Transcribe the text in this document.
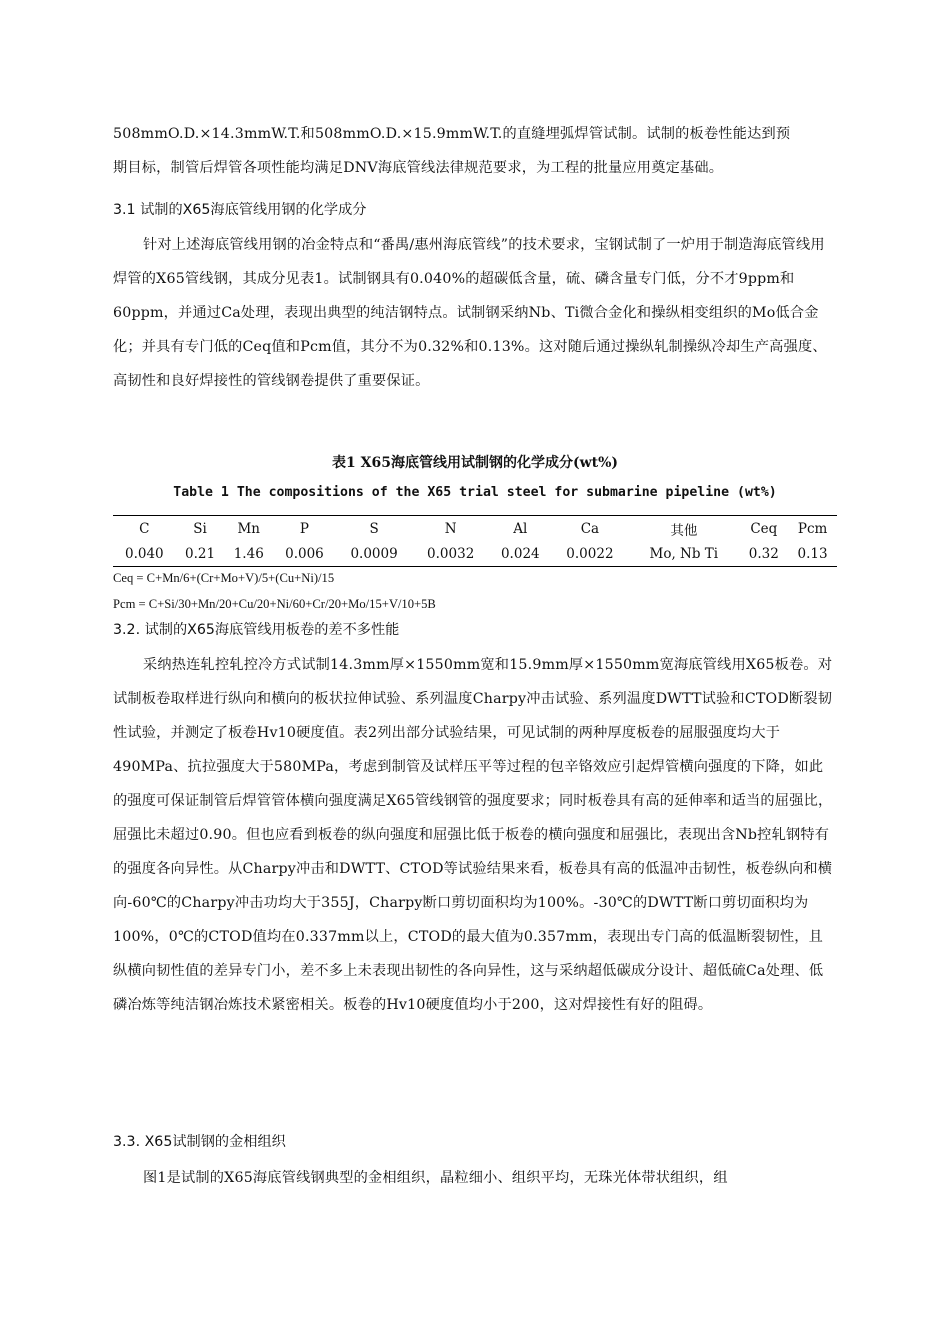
508mmO.D.×14.3mmW.T.和508mmO.D.×15.9mmW.T.的直缝埋弧焊管试制。试制的板卷性能达到预

期目标，制管后焊管各项性能均满足DNV海底管线法律规范要求，为工程的批量应用奠定基础。

3.1 试制的X65海底管线用钢的化学成分

针对上述海底管线用钢的冶金特点和“番禺/惠州海底管线”的技术要求，宝钢试制了一炉用于制造海底管线用焊管的X65管线钢，其成分见表1。试制钢具有0.040%的超碳低含量，硫、磷含量专门低，分不才9ppm和60ppm，并通过Ca处理，表现出典型的纯洁钢特点。试制钢采纳Nb、Ti微合金化和操纵相变组织的Mo低合金化；并具有专门低的Ceq值和Pcm值，其分不为0.32%和0.13%。这对随后通过操纵轧制操纵冷却生产高强度、高韧性和良好焊接性的管线钢卷提供了重要保证。

表1 X65海底管线用试制钢的化学成分(wt%)
Table 1 The compositions of the X65 trial steel for submarine pipeline (wt%)
C	Si	Mn	P	S	N	Al	Ca	其他	Ceq	Pcm
0.040	0.21	1.46	0.006	0.0009	0.0032	0.024	0.0022	Mo, Nb Ti	0.32	0.13
Ceq = C+Mn/6+(Cr+Mo+V)/5+(Cu+Ni)/15
Pcm = C+Si/30+Mn/20+Cu/20+Ni/60+Cr/20+Mo/15+V/10+5B
3.2. 试制的X65海底管线用板卷的差不多性能

采纳热连轧控轧控冷方式试制14.3mm厚×1550mm宽和15.9mm厚×1550mm宽海底管线用X65板卷。对试制板卷取样进行纵向和横向的板状拉伸试验、系列温度Charpy冲击试验、系列温度DWTT试验和CTOD断裂韧性试验，并测定了板卷Hv10硬度值。表2列出部分试验结果，可见试制的两种厚度板卷的屈服强度均大于490MPa、抗拉强度大于580MPa，考虑到制管及试样压平等过程的包辛铬效应引起焊管横向强度的下降，如此的强度可保证制管后焊管管体横向强度满足X65管线钢管的强度要求；同时板卷具有高的延伸率和适当的屈强比，屈强比未超过0.90。但也应看到板卷的纵向强度和屈强比低于板卷的横向强度和屈强比，表现出含Nb控轧钢特有的强度各向异性。从Charpy冲击和DWTT、CTOD等试验结果来看，板卷具有高的低温冲击韧性，板卷纵向和横向-60℃的Charpy冲击功均大于355J，Charpy断口剪切面积均为100%。-30℃的DWTT断口剪切面积均为100%，0℃的CTOD值均在0.337mm以上，CTOD的最大值为0.357mm，表现出专门高的低温断裂韧性，且纵横向韧性值的差异专门小，差不多上未表现出韧性的各向异性，这与采纳超低碳成分设计、超低硫Ca处理、低磷冶炼等纯洁钢冶炼技术紧密相关。板卷的Hv10硬度值均小于200，这对焊接性有好的阻碍。

3.3. X65试制钢的金相组织

图1是试制的X65海底管线钢典型的金相组织，晶粒细小、组织平均，无珠光体带状组织，组
